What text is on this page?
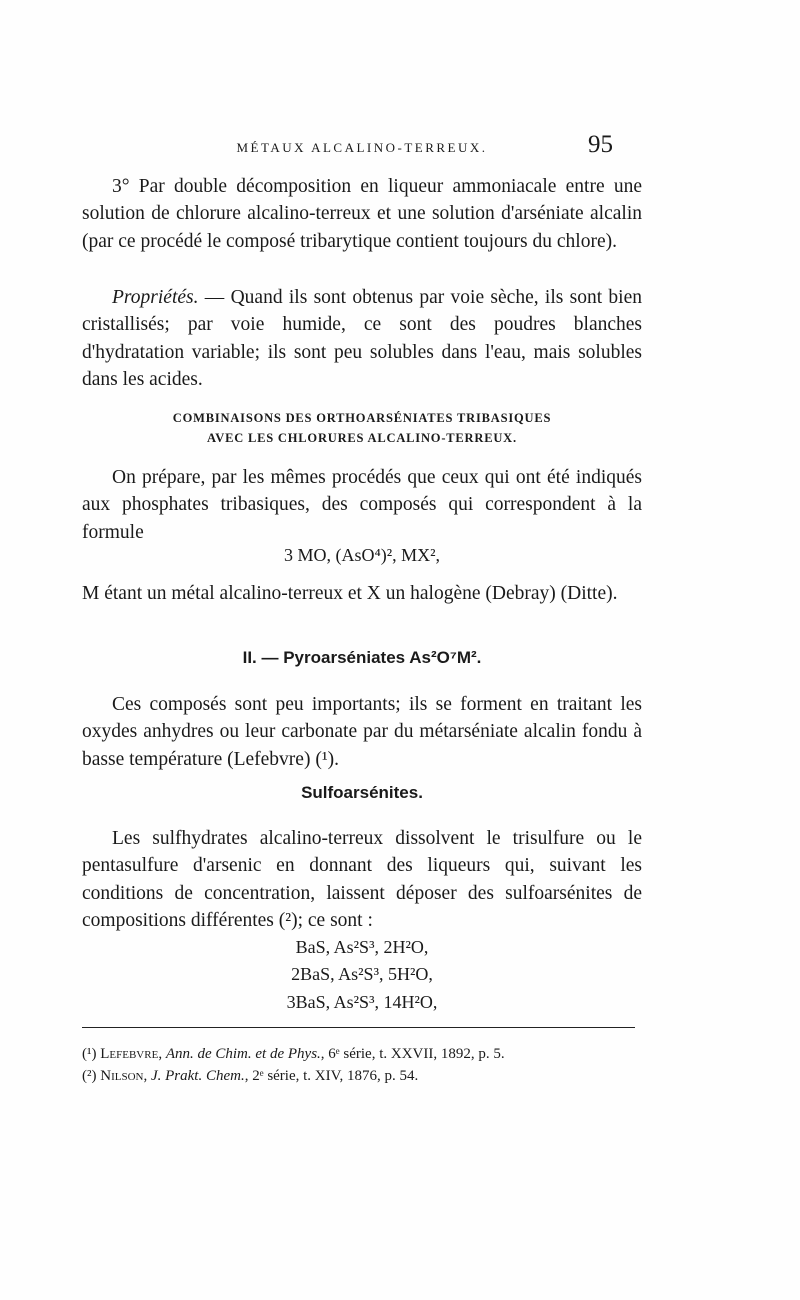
MÉTAUX ALCALINO-TERREUX.	95
3° Par double décomposition en liqueur ammoniacale entre une solution de chlorure alcalino-terreux et une solution d'arséniate alcalin (par ce procédé le composé tribarytique contient toujours du chlore).
Propriétés. — Quand ils sont obtenus par voie sèche, ils sont bien cristallisés; par voie humide, ce sont des poudres blanches d'hydratation variable; ils sont peu solubles dans l'eau, mais solubles dans les acides.
COMBINAISONS DES ORTHOARSÉNIATES TRIBASIQUES
AVEC LES CHLORURES ALCALINO-TERREUX.
On prépare, par les mêmes procédés que ceux qui ont été indiqués aux phosphates tribasiques, des composés qui correspondent à la formule
3 MO, (AsO⁴)², MX²,
M étant un métal alcalino-terreux et X un halogène (Debray) (Ditte).
II. — Pyroarséniates As²O⁷M².
Ces composés sont peu importants; ils se forment en traitant les oxydes anhydres ou leur carbonate par du métarséniate alcalin fondu à basse température (Lefebvre) (¹).
Sulfoarsénites.
Les sulfhydrates alcalino-terreux dissolvent le trisulfure ou le pentasulfure d'arsenic en donnant des liqueurs qui, suivant les conditions de concentration, laissent déposer des sulfoarsénites de compositions différentes (²); ce sont :
BaS, As²S³, 2H²O,
2BaS, As²S³, 5H²O,
3BaS, As²S³, 14H²O,
(¹) Lefebvre, Ann. de Chim. et de Phys., 6ᵉ série, t. XXVII, 1892, p. 5.
(²) Nilson, J. Prakt. Chem., 2ᵉ série, t. XIV, 1876, p. 54.
